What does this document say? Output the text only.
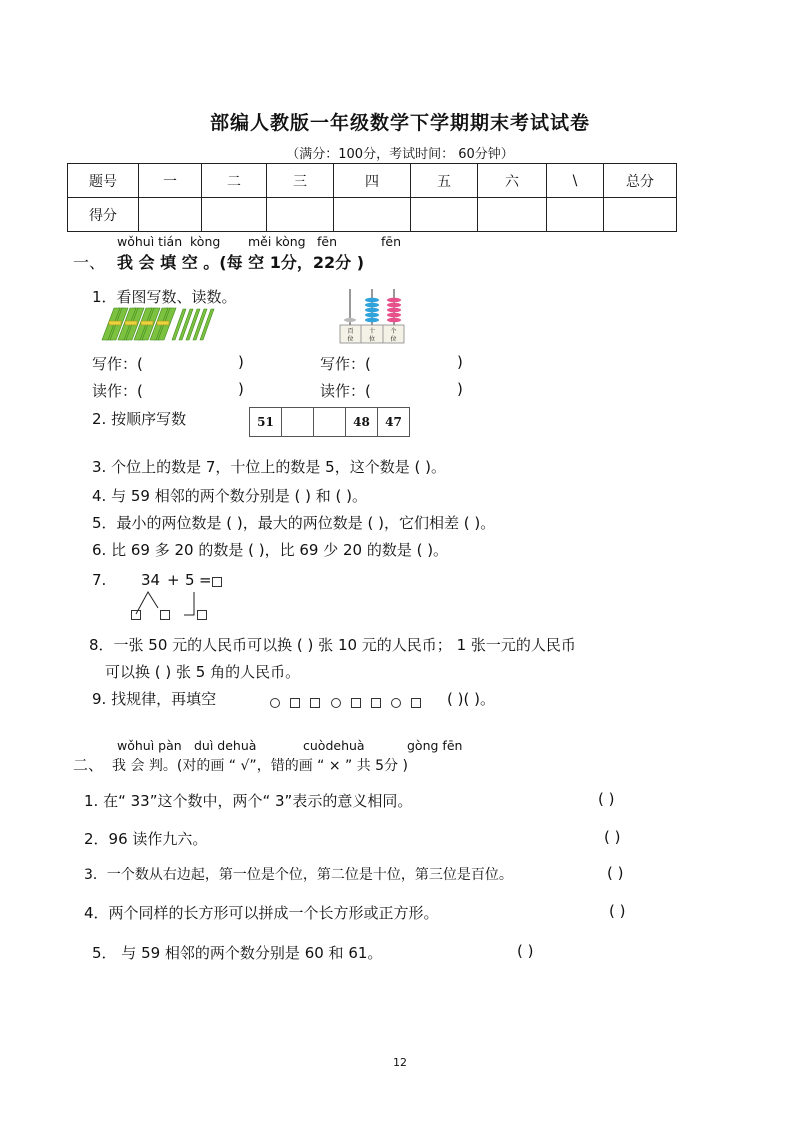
部编人教版一年级数学下学期期末考试试卷
（满分：100分，考试时间： 60分钟）
题号	一	二	三	四	五	六	\	总分
得分								
wǒhuì tián kòng měi kòng fēn	fēn
一、 我 会 填 空 。(每 空 1分，22分 )
1．看图写数、读数。
百
位
十
位
个
位
写作：(	)	写作：(	)
读作：(	)	读作：(	)
2. 按顺序写数	51			48	47
3. 个位上的数是 7，十位上的数是 5，这个数是 ( )。
4. 与 59 相邻的两个数分别是 ( ) 和 ( )。
5．最小的两位数是 ( )，最大的两位数是 ( )，它们相差 ( )。
6. 比 69 多 20 的数是 ( )，比 69 少 20 的数是 ( )。
7. 34 + 5 =
8．一张 50 元的人民币可以换 ( ) 张 10 元的人民币； 1 张一元的人民币
可以换 ( ) 张 5 角的人民币。
9. 找规律，再填空
	( )( )。
wǒhuì pàn duì dehuà	cuòdehuà	gòng fēn
二、 我 会 判。(对的画 “ √”，错的画 “ × ” 共 5分 )
1. 在“ 33”这个数中，两个“ 3”表示的意义相同。	( )
2．96 读作九六。	( )
3．一个数从右边起，第一位是个位，第二位是十位，第三位是百位。	( )
4．两个同样的长方形可以拼成一个长方形或正方形。	( )
5． 与 59 相邻的两个数分别是 60 和 61。	( )
12
